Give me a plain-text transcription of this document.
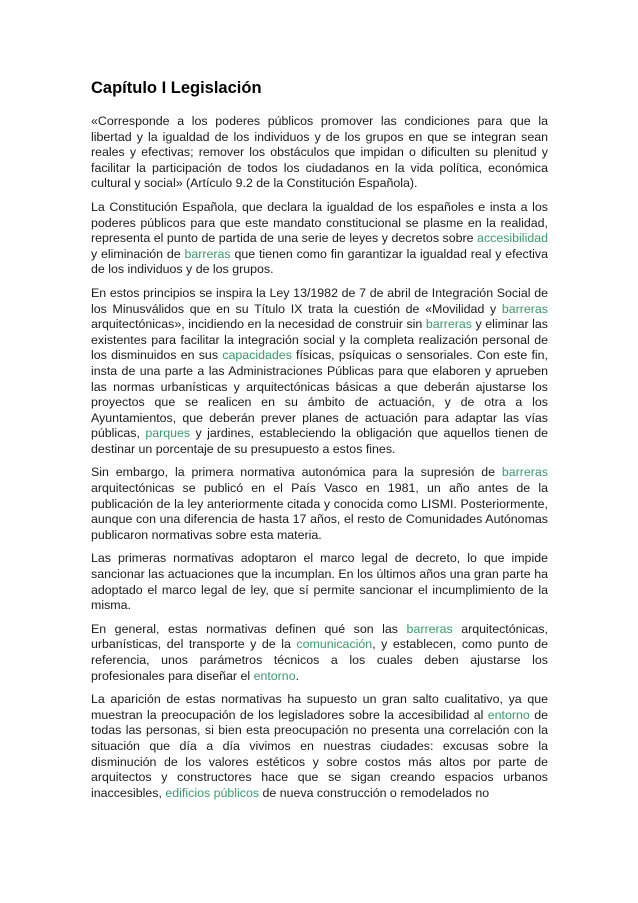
Capítulo I Legislación

«Corresponde a los poderes públicos promover las condiciones para que la libertad y la igualdad de los individuos y de los grupos en que se integran sean reales y efectivas; remover los obstáculos que impidan o dificulten su plenitud y facilitar la participación de todos los ciudadanos en la vida política, económica cultural y social» (Artículo 9.2 de la Constitución Española).

La Constitución Española, que declara la igualdad de los españoles e insta a los poderes públicos para que este mandato constitucional se plasme en la realidad, representa el punto de partida de una serie de leyes y decretos sobre accesibilidad y eliminación de barreras que tienen como fin garantizar la igualdad real y efectiva de los individuos y de los grupos.

En estos principios se inspira la Ley 13/1982 de 7 de abril de Integración Social de los Minusválidos que en su Título IX trata la cuestión de «Movilidad y barreras arquitectónicas», incidiendo en la necesidad de construir sin barreras y eliminar las existentes para facilitar la integración social y la completa realización personal de los disminuidos en sus capacidades físicas, psíquicas o sensoriales. Con este fin, insta de una parte a las Administraciones Públicas para que elaboren y aprueben las normas urbanísticas y arquitectónicas básicas a que deberán ajustarse los proyectos que se realicen en su ámbito de actuación, y de otra a los Ayuntamientos, que deberán prever planes de actuación para adaptar las vías públicas, parques y jardines, estableciendo la obligación que aquellos tienen de destinar un porcentaje de su presupuesto a estos fines.

Sin embargo, la primera normativa autonómica para la supresión de barreras arquitectónicas se publicó en el País Vasco en 1981, un año antes de la publicación de la ley anteriormente citada y conocida como LISMI. Posteriormente, aunque con una diferencia de hasta 17 años, el resto de Comunidades Autónomas publicaron normativas sobre esta materia.

Las primeras normativas adoptaron el marco legal de decreto, lo que impide sancionar las actuaciones que la incumplan. En los últimos años una gran parte ha adoptado el marco legal de ley, que sí permite sancionar el incumplimiento de la misma.

En general, estas normativas definen qué son las barreras arquitectónicas, urbanísticas, del transporte y de la comunicación, y establecen, como punto de referencia, unos parámetros técnicos a los cuales deben ajustarse los profesionales para diseñar el entorno.

La aparición de estas normativas ha supuesto un gran salto cualitativo, ya que muestran la preocupación de los legisladores sobre la accesibilidad al entorno de todas las personas, si bien esta preocupación no presenta una correlación con la situación que día a día vivimos en nuestras ciudades: excusas sobre la disminución de los valores estéticos y sobre costos más altos por parte de arquitectos y constructores hace que se sigan creando espacios urbanos inaccesibles, edificios públicos de nueva construcción o remodelados no
